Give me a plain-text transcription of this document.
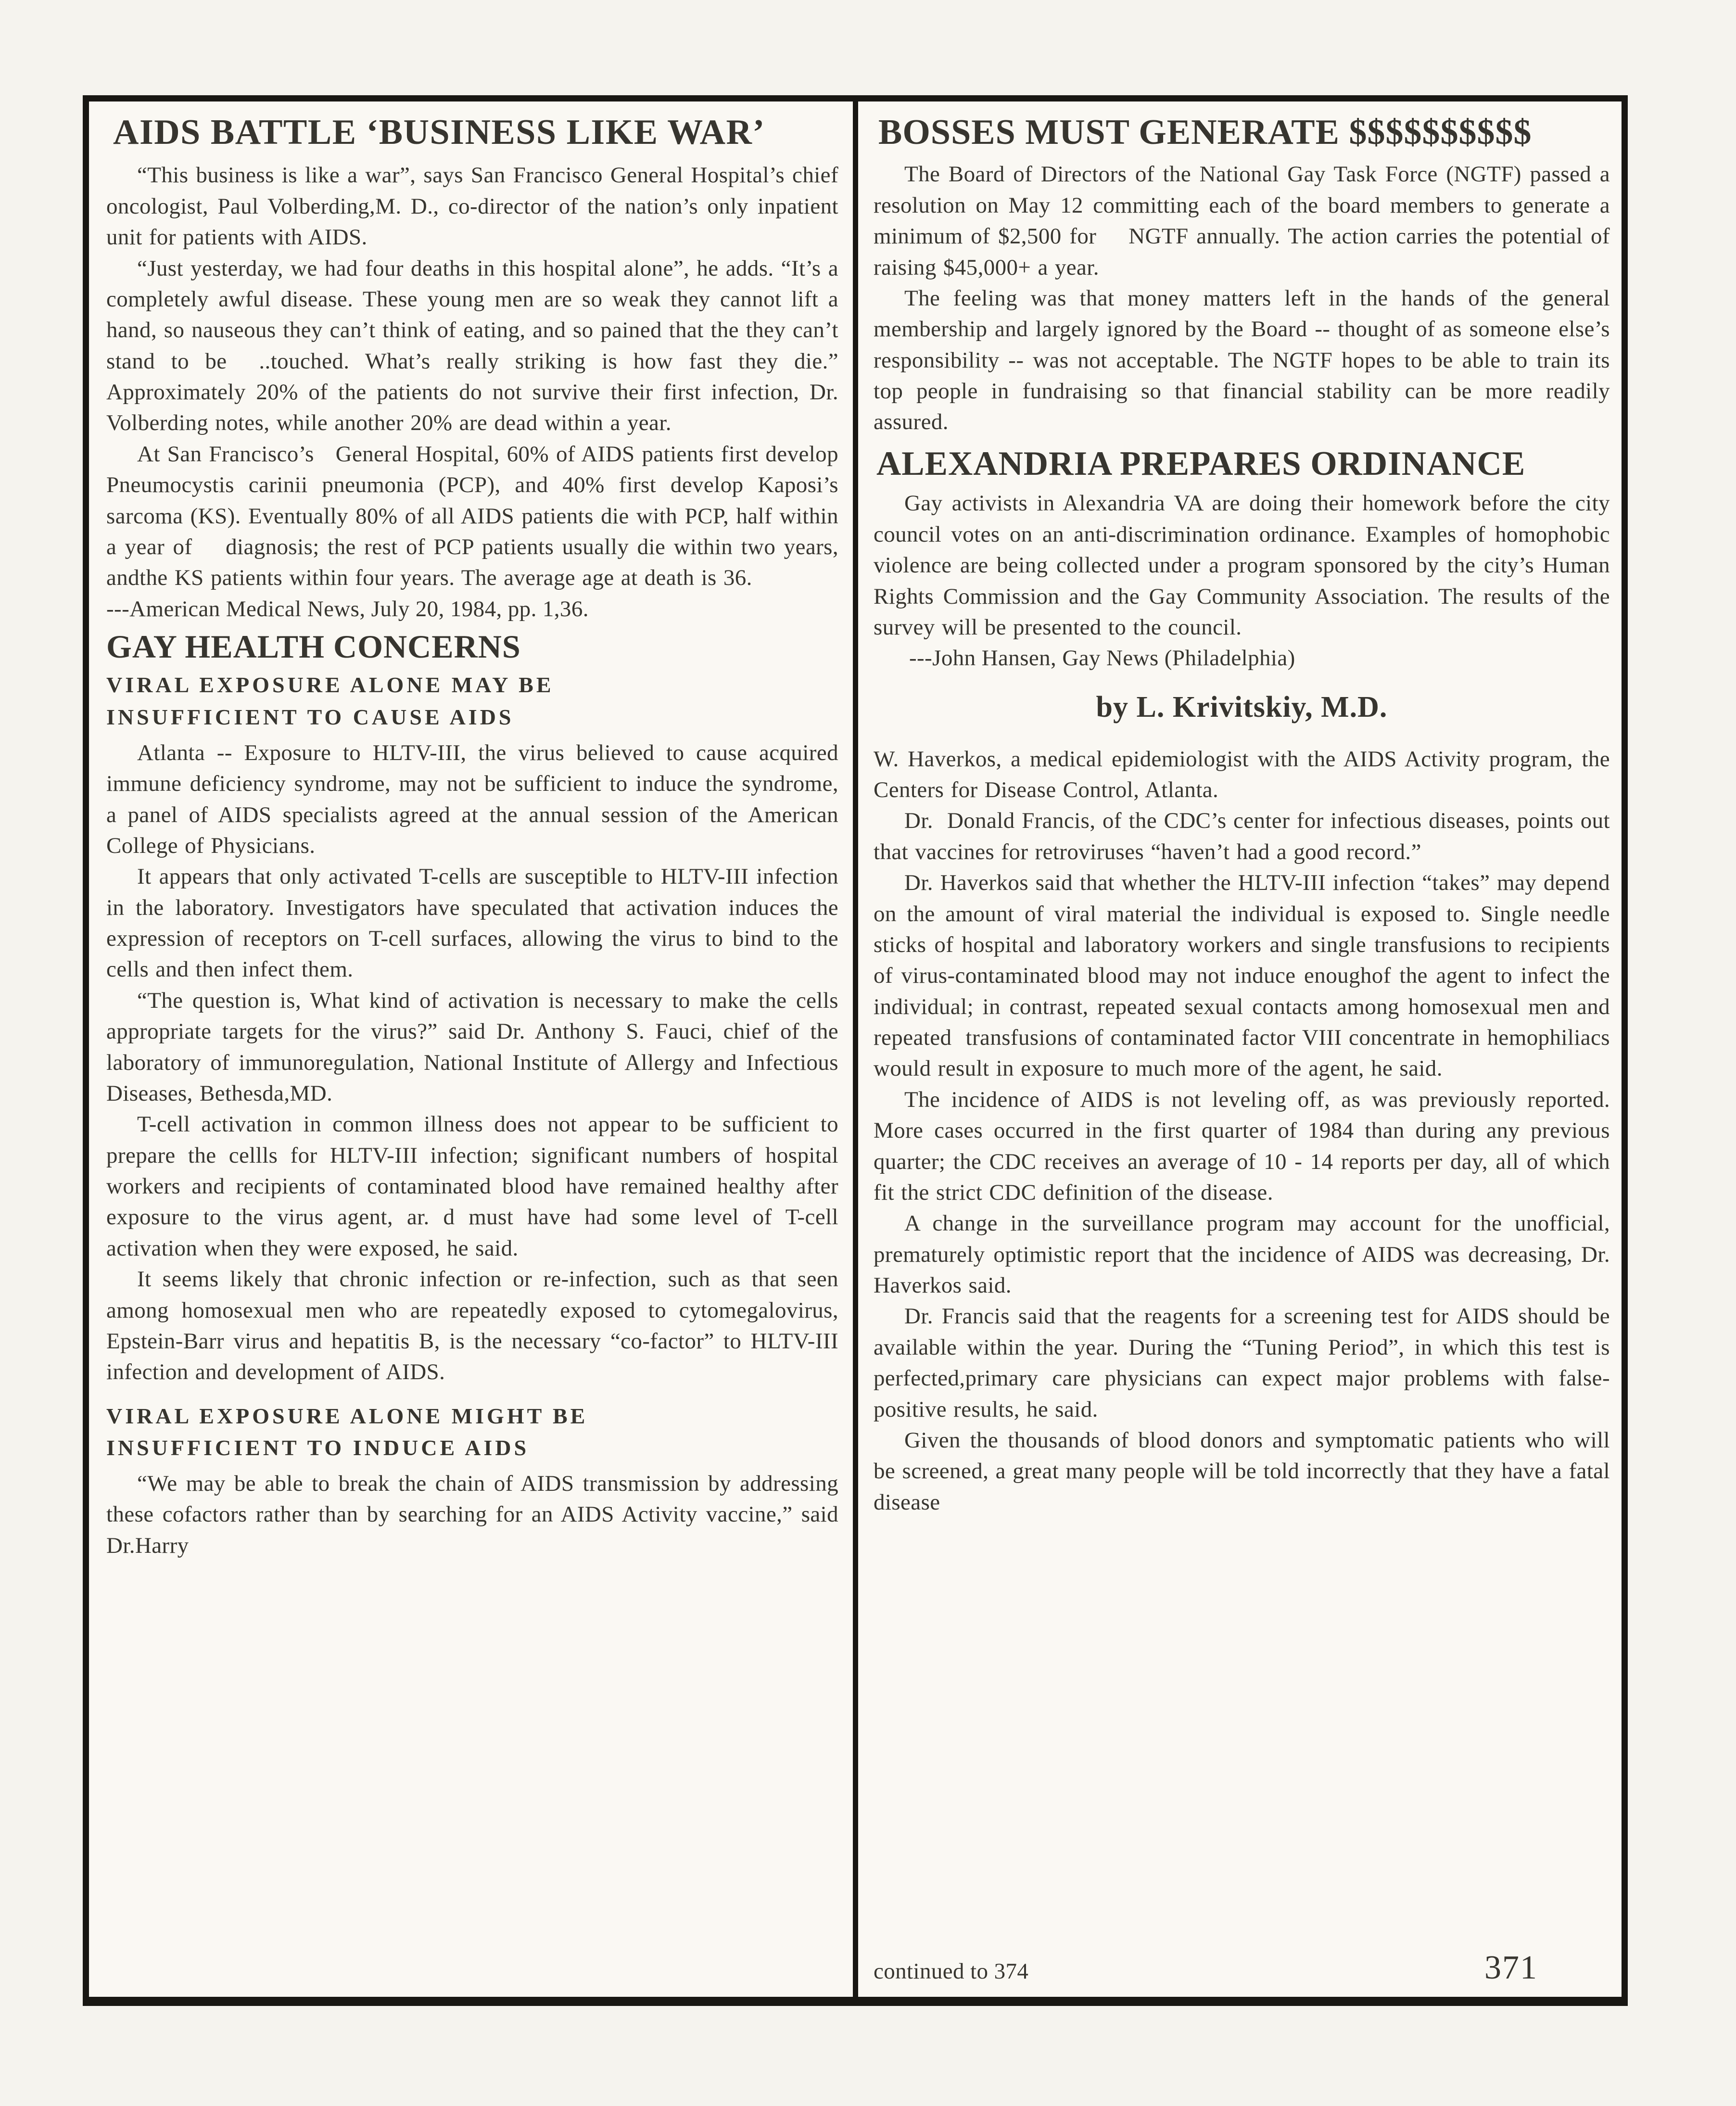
AIDS BATTLE ‘BUSINESS LIKE WAR’

“This business is like a war”, says San Francisco General Hospital’s chief oncologist, Paul Volberding,M. D., co-director of the nation’s only inpatient unit for patients with AIDS.

“Just yesterday, we had four deaths in this hospital alone”, he adds. “It’s a completely awful disease. These young men are so weak they cannot lift a hand, so nauseous they can’t think of eating, and so pained that the they can’t stand to be  ..touched. What’s really striking is how fast they die.” Approximately 20% of the patients do not survive their first infection, Dr. Volberding notes, while another 20% are dead within a year.

At San Francisco’s   General Hospital, 60% of AIDS patients first develop Pneumocystis carinii pneumonia (PCP), and 40% first develop Kaposi’s sarcoma (KS). Eventually 80% of all AIDS patients die with PCP, half within a year of    diagnosis; the rest of PCP patients usually die within two years, andthe KS patients within four years. The average age at death is 36.

---American Medical News, July 20, 1984, pp. 1,36.

GAY HEALTH CONCERNS
VIRAL EXPOSURE ALONE MAY BE
INSUFFICIENT TO CAUSE AIDS

Atlanta -- Exposure to HLTV-III, the virus believed to cause acquired immune deficiency syndrome, may not be sufficient to induce the syndrome, a panel of AIDS specialists agreed at the annual session of the American College of Physicians.

It appears that only activated T-cells are susceptible to HLTV-III infection in the laboratory. Investigators have speculated that activation induces the expression of receptors on T-cell surfaces, allowing the virus to bind to the cells and then infect them.

“The question is, What kind of activation is necessary to make the cells appropriate targets for the virus?” said Dr. Anthony S. Fauci, chief of the laboratory of immunoregulation, National Institute of Allergy and Infectious Diseases, Bethesda,MD.

T-cell activation in common illness does not appear to be sufficient to prepare the cellls for HLTV-III infection; significant numbers of hospital workers and recipients of contaminated blood have remained healthy after exposure to the virus agent, ar. d must have had some level of T-cell activation when they were exposed, he said.

It seems likely that chronic infection or re-infection, such as that seen among homosexual men who are repeatedly exposed to cytomegalovirus, Epstein-Barr virus and hepatitis B, is the necessary “co-factor” to HLTV-III infection and development of AIDS.

VIRAL EXPOSURE ALONE MIGHT BE
INSUFFICIENT TO INDUCE AIDS

“We may be able to break the chain of AIDS transmission by addressing these cofactors rather than by searching for an AIDS Activity vaccine,” said Dr.Harry

BOSSES MUST GENERATE $$$$$$$$$$

The Board of Directors of the National Gay Task Force (NGTF) passed a resolution on May 12 committing each of the board members to generate a minimum of $2,500 for    NGTF annually. The action carries the potential of raising $45,000+ a year.

The feeling was that money matters left in the hands of the general membership and largely ignored by the Board -- thought of as someone else’s responsibility -- was not acceptable. The NGTF hopes to be able to train its top people in fundraising so that financial stability can be more readily assured.

ALEXANDRIA PREPARES ORDINANCE

Gay activists in Alexandria VA are doing their homework before the city council votes on an anti-discrimination ordinance. Examples of homophobic violence are being collected under a program sponsored by the city’s Human Rights Commission and the Gay Community Association. The results of the survey will be presented to the council.

---John Hansen, Gay News (Philadelphia)

by L. Krivitskiy, M.D.

W. Haverkos, a medical epidemiologist with the AIDS Activity program, the Centers for Disease Control, Atlanta.

Dr.  Donald Francis, of the CDC’s center for infectious diseases, points out that vaccines for retroviruses “haven’t had a good record.”

Dr. Haverkos said that whether the HLTV-III infection “takes” may depend on the amount of viral material the individual is exposed to. Single needle sticks of hospital and laboratory workers and single transfusions to recipients of virus-contaminated blood may not induce enoughof the agent to infect the individual; in contrast, repeated sexual contacts among homosexual men and repeated  transfusions of contaminated factor VIII concentrate in hemophiliacs would result in exposure to much more of the agent, he said.

The incidence of AIDS is not leveling off, as was previously reported. More cases occurred in the first quarter of 1984 than during any previous quarter; the CDC receives an average of 10 - 14 reports per day, all of which fit the strict CDC definition of the disease.

A change in the surveillance program may account for the unofficial, prematurely optimistic report that the incidence of AIDS was decreasing, Dr. Haverkos said.

Dr. Francis said that the reagents for a screening test for AIDS should be available within the year. During the “Tuning Period”, in which this test is perfected,primary care physicians can expect major problems with false-positive results, he said.

Given the thousands of blood donors and symptomatic patients who will be screened, a great many people will be told incorrectly that they have a fatal disease

continued to 374	371
